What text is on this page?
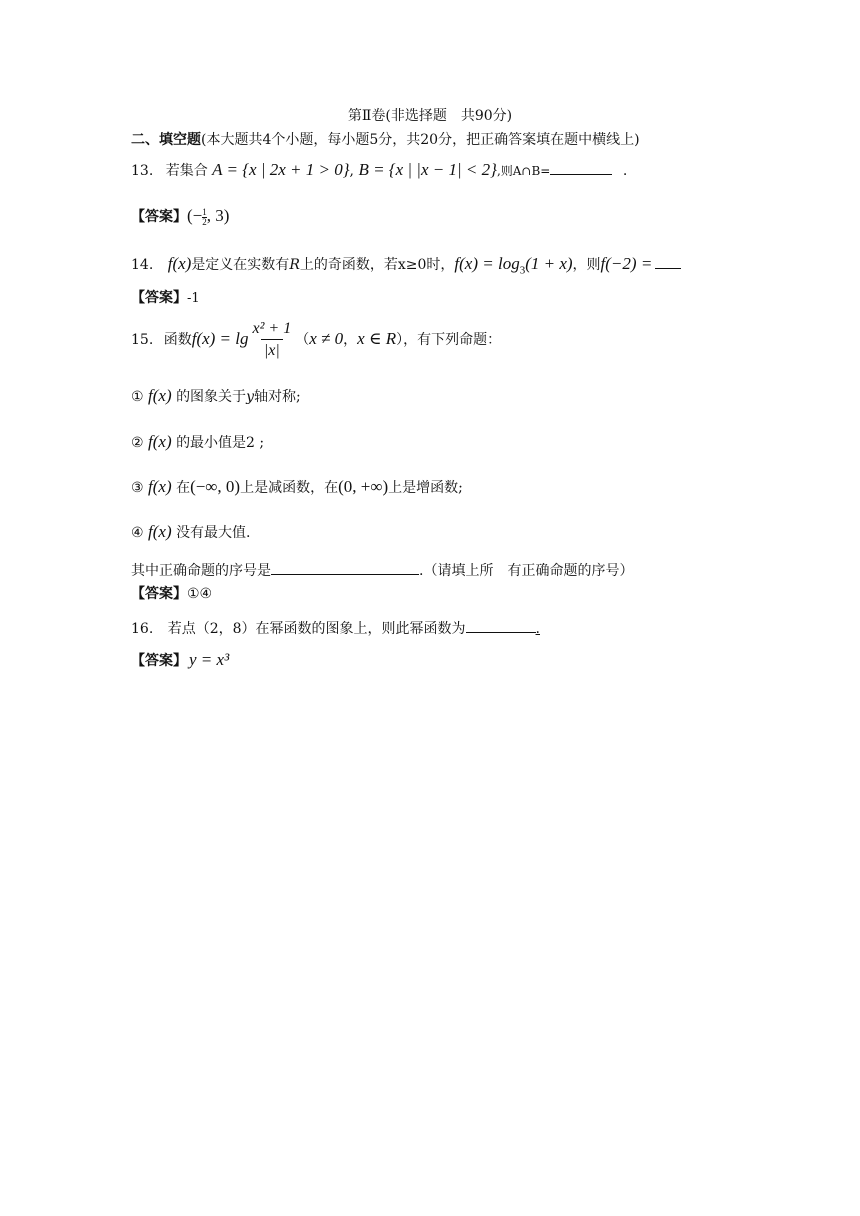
第Ⅱ卷(非选择题　共90分)
二、填空题(本大题共4个小题，每小题5分，共20分，把正确答案填在题中横线上)
13. 若集合 A = {x | 2x + 1 > 0}, B = {x | |x − 1| < 2},则A∩B=	.
【答案】(− $\frac{1}{2}$ , 3)
14. f(x)是定义在实数有R上的奇函数，若x≥0时，$f(x) = \log_3(1 + x)$，则f(−2) =
【答案】-1
15. 函数$f(x) = \lg \frac{\text{x² + 1}}{|x|} (x \ne 0$，x ∈ R），有下列命题：
① f(x) 的图象关于y轴对称;
② f(x) 的最小值是2 ;
③ f(x) 在(−∞, 0)上是减函数，在(0, +∞)上是增函数;
④ f(x) 没有最大值.
其中正确命题的序号是	.（请填上所　有正确命题的序号）
【答案】①④
16. 若点（2，8）在幂函数的图象上，则此幂函数为	.
【答案】 y = x³
